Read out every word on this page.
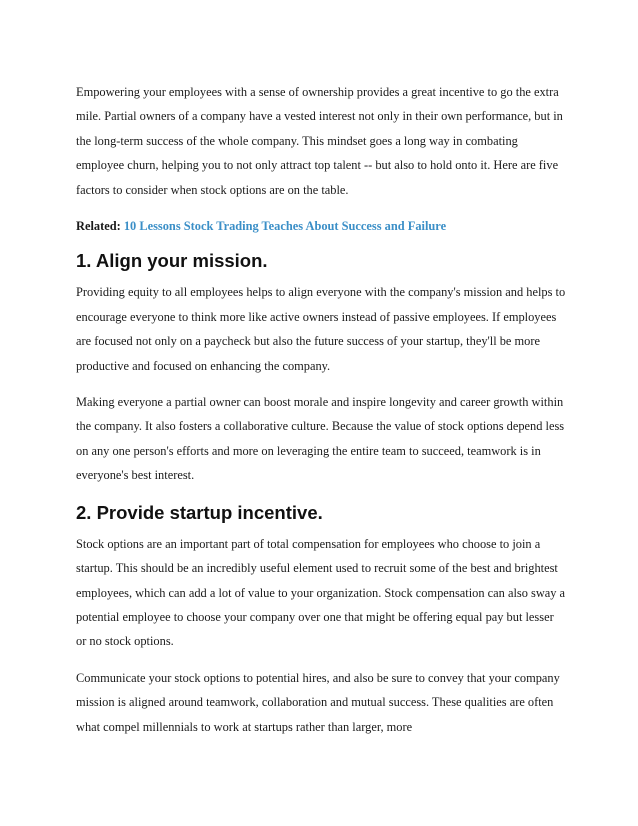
Empowering your employees with a sense of ownership provides a great incentive to go the extra mile. Partial owners of a company have a vested interest not only in their own performance, but in the long-term success of the whole company. This mindset goes a long way in combating employee churn, helping you to not only attract top talent -- but also to hold onto it. Here are five factors to consider when stock options are on the table.

Related: 10 Lessons Stock Trading Teaches About Success and Failure

1. Align your mission.

Providing equity to all employees helps to align everyone with the company's mission and helps to encourage everyone to think more like active owners instead of passive employees. If employees are focused not only on a paycheck but also the future success of your startup, they'll be more productive and focused on enhancing the company.

Making everyone a partial owner can boost morale and inspire longevity and career growth within the company. It also fosters a collaborative culture. Because the value of stock options depend less on any one person's efforts and more on leveraging the entire team to succeed, teamwork is in everyone's best interest.

2. Provide startup incentive.

Stock options are an important part of total compensation for employees who choose to join a startup. This should be an incredibly useful element used to recruit some of the best and brightest employees, which can add a lot of value to your organization. Stock compensation can also sway a potential employee to choose your company over one that might be offering equal pay but lesser or no stock options.

Communicate your stock options to potential hires, and also be sure to convey that your company mission is aligned around teamwork, collaboration and mutual success. These qualities are often what compel millennials to work at startups rather than larger, more
